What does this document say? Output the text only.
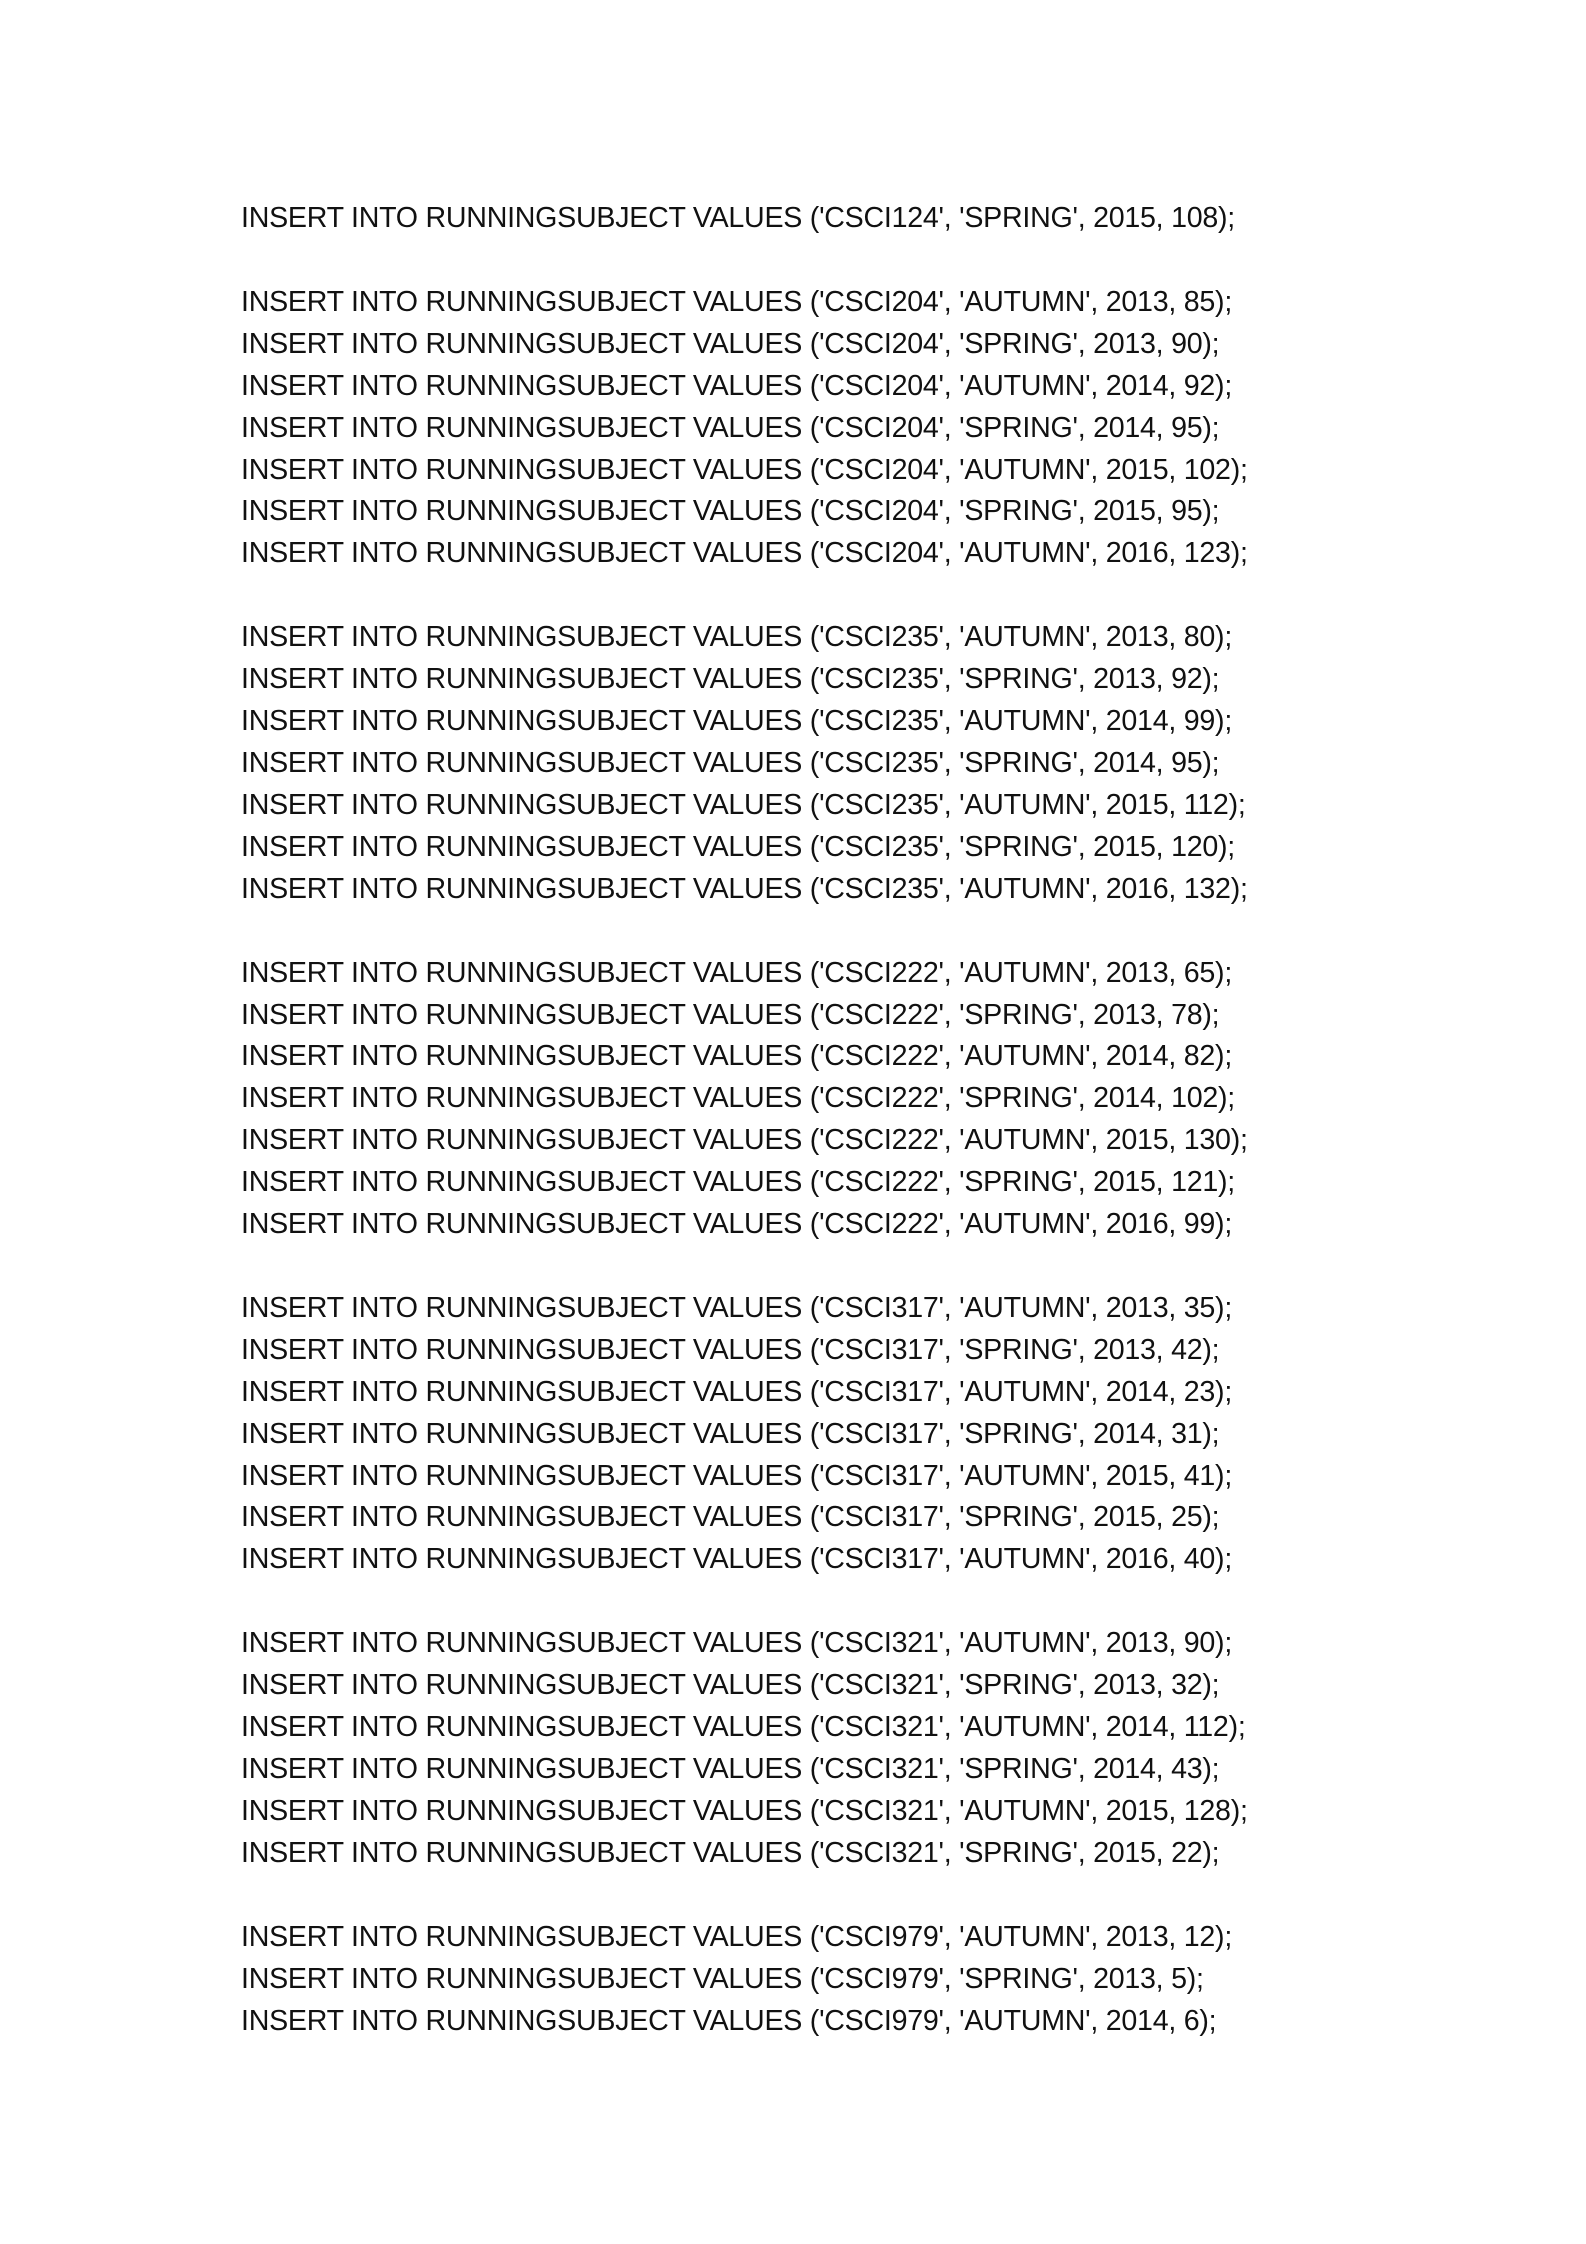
INSERT INTO RUNNINGSUBJECT VALUES ('CSCI124', 'SPRING', 2015, 108);
INSERT INTO RUNNINGSUBJECT VALUES ('CSCI204', 'AUTUMN', 2013, 85);
INSERT INTO RUNNINGSUBJECT VALUES ('CSCI204', 'SPRING', 2013, 90);
INSERT INTO RUNNINGSUBJECT VALUES ('CSCI204', 'AUTUMN', 2014, 92);
INSERT INTO RUNNINGSUBJECT VALUES ('CSCI204', 'SPRING', 2014, 95);
INSERT INTO RUNNINGSUBJECT VALUES ('CSCI204', 'AUTUMN', 2015, 102);
INSERT INTO RUNNINGSUBJECT VALUES ('CSCI204', 'SPRING', 2015, 95);
INSERT INTO RUNNINGSUBJECT VALUES ('CSCI204', 'AUTUMN', 2016, 123);
INSERT INTO RUNNINGSUBJECT VALUES ('CSCI235', 'AUTUMN', 2013, 80);
INSERT INTO RUNNINGSUBJECT VALUES ('CSCI235', 'SPRING', 2013, 92);
INSERT INTO RUNNINGSUBJECT VALUES ('CSCI235', 'AUTUMN', 2014, 99);
INSERT INTO RUNNINGSUBJECT VALUES ('CSCI235', 'SPRING', 2014, 95);
INSERT INTO RUNNINGSUBJECT VALUES ('CSCI235', 'AUTUMN', 2015, 112);
INSERT INTO RUNNINGSUBJECT VALUES ('CSCI235', 'SPRING', 2015, 120);
INSERT INTO RUNNINGSUBJECT VALUES ('CSCI235', 'AUTUMN', 2016, 132);
INSERT INTO RUNNINGSUBJECT VALUES ('CSCI222', 'AUTUMN', 2013, 65);
INSERT INTO RUNNINGSUBJECT VALUES ('CSCI222', 'SPRING', 2013, 78);
INSERT INTO RUNNINGSUBJECT VALUES ('CSCI222', 'AUTUMN', 2014, 82);
INSERT INTO RUNNINGSUBJECT VALUES ('CSCI222', 'SPRING', 2014, 102);
INSERT INTO RUNNINGSUBJECT VALUES ('CSCI222', 'AUTUMN', 2015, 130);
INSERT INTO RUNNINGSUBJECT VALUES ('CSCI222', 'SPRING', 2015, 121);
INSERT INTO RUNNINGSUBJECT VALUES ('CSCI222', 'AUTUMN', 2016, 99);
INSERT INTO RUNNINGSUBJECT VALUES ('CSCI317', 'AUTUMN', 2013, 35);
INSERT INTO RUNNINGSUBJECT VALUES ('CSCI317', 'SPRING', 2013, 42);
INSERT INTO RUNNINGSUBJECT VALUES ('CSCI317', 'AUTUMN', 2014, 23);
INSERT INTO RUNNINGSUBJECT VALUES ('CSCI317', 'SPRING', 2014, 31);
INSERT INTO RUNNINGSUBJECT VALUES ('CSCI317', 'AUTUMN', 2015, 41);
INSERT INTO RUNNINGSUBJECT VALUES ('CSCI317', 'SPRING', 2015, 25);
INSERT INTO RUNNINGSUBJECT VALUES ('CSCI317', 'AUTUMN', 2016, 40);
INSERT INTO RUNNINGSUBJECT VALUES ('CSCI321', 'AUTUMN', 2013, 90);
INSERT INTO RUNNINGSUBJECT VALUES ('CSCI321', 'SPRING', 2013, 32);
INSERT INTO RUNNINGSUBJECT VALUES ('CSCI321', 'AUTUMN', 2014, 112);
INSERT INTO RUNNINGSUBJECT VALUES ('CSCI321', 'SPRING', 2014, 43);
INSERT INTO RUNNINGSUBJECT VALUES ('CSCI321', 'AUTUMN', 2015, 128);
INSERT INTO RUNNINGSUBJECT VALUES ('CSCI321', 'SPRING', 2015, 22);
INSERT INTO RUNNINGSUBJECT VALUES ('CSCI979', 'AUTUMN', 2013, 12);
INSERT INTO RUNNINGSUBJECT VALUES ('CSCI979', 'SPRING', 2013, 5);
INSERT INTO RUNNINGSUBJECT VALUES ('CSCI979', 'AUTUMN', 2014, 6);
